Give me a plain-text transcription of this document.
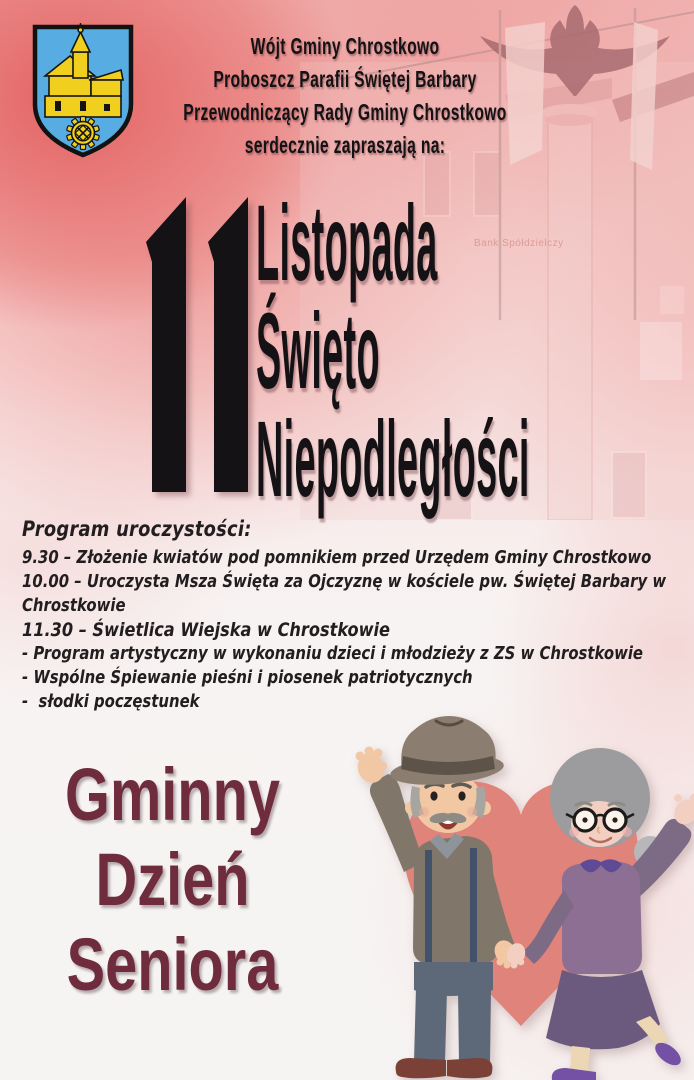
Bank Spółdzielczy
Wójt Gminy Chrostkowo
Proboszcz Parafii Świętej Barbary
Przewodniczący Rady Gminy Chrostkowo
serdecznie zapraszają na:
Listopada
Święto
Niepodległości
Program uroczystości:
9.30 – Złożenie kwiatów pod pomnikiem przed Urzędem Gminy Chrostkowo
10.00 – Uroczysta Msza Święta za Ojczyznę w kościele pw. Świętej Barbary w Chrostkowie
11.30 – Świetlica Wiejska w Chrostkowie
- Program artystyczny w wykonaniu dzieci i młodzieży z ZS w Chrostkowie
- Wspólne Śpiewanie pieśni i piosenek patriotycznych
-  słodki poczęstunek
Gminny
Dzień
Seniora
